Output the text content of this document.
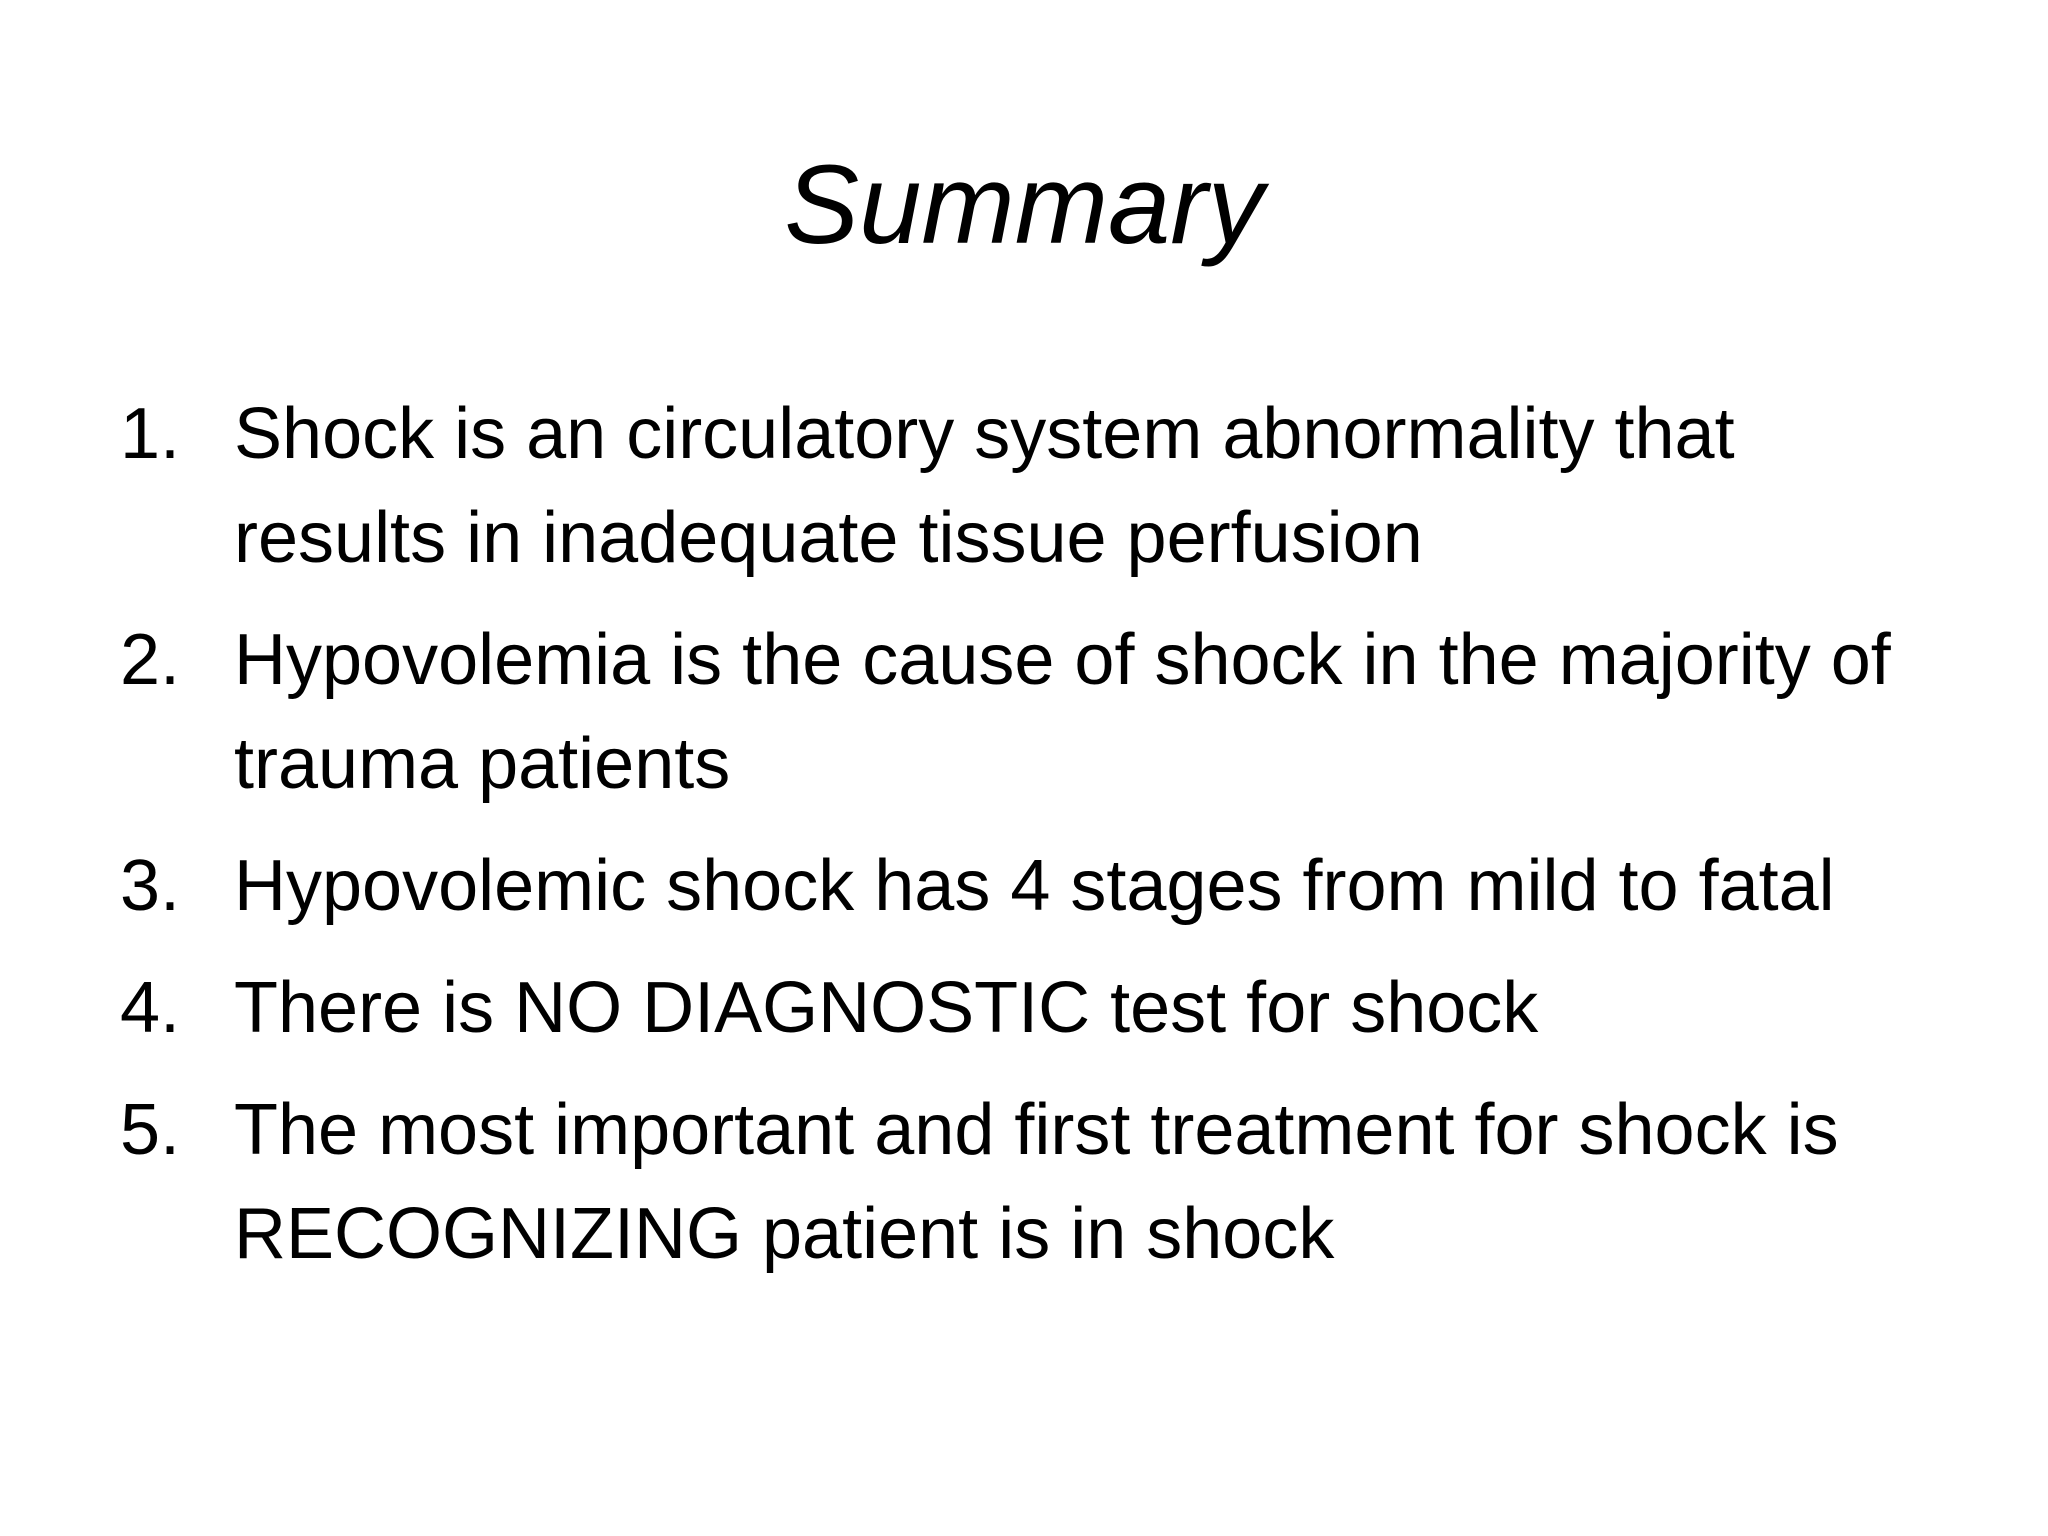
Summary
1. Shock is an circulatory system abnormality that results in inadequate tissue perfusion
2. Hypovolemia is the cause of shock in the majority of trauma patients
3. Hypovolemic shock has 4 stages from mild to fatal
4. There is NO DIAGNOSTIC test for shock
5. The most important and first treatment for shock is RECOGNIZING patient is in shock
